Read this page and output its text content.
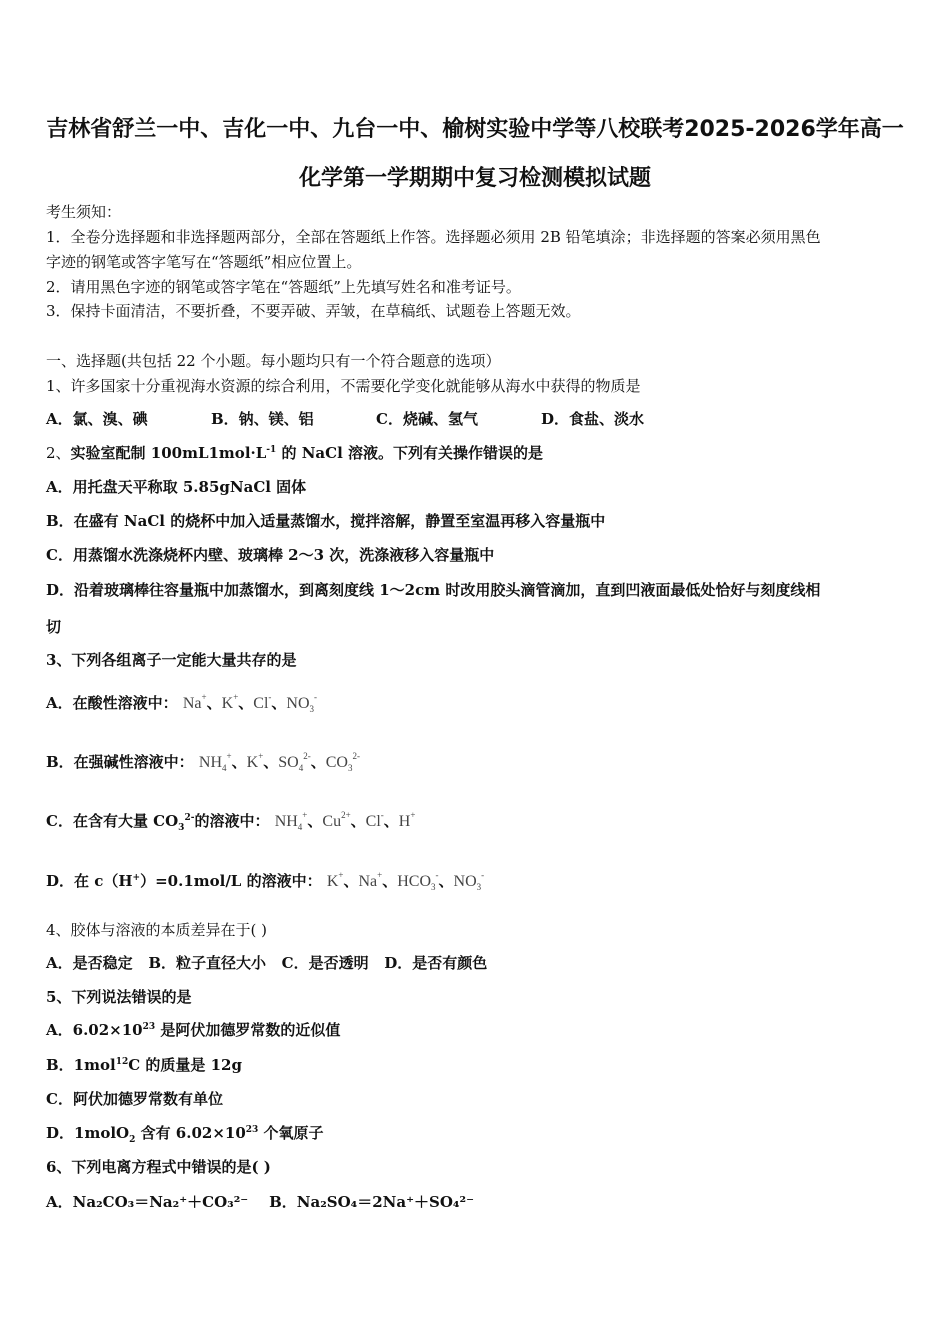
吉林省舒兰一中、吉化一中、九台一中、榆树实验中学等八校联考2025-2026学年高一
化学第一学期期中复习检测模拟试题
考生须知：
1．全卷分选择题和非选择题两部分，全部在答题纸上作答。选择题必须用 2B 铅笔填涂；非选择题的答案必须用黑色
字迹的钢笔或答字笔写在“答题纸”相应位置上。
2．请用黑色字迹的钢笔或答字笔在“答题纸”上先填写姓名和准考证号。
3．保持卡面清洁，不要折叠，不要弄破、弄皱，在草稿纸、试题卷上答题无效。
一、选择题(共包括 22 个小题。每小题均只有一个符合题意的选项）
1、许多国家十分重视海水资源的综合利用，不需要化学变化就能够从海水中获得的物质是
A．氯、溴、碘	B．钠、镁、铝	C．烧碱、氢气	D．食盐、淡水
2、实验室配制 $100mL1mol\cdot L^{-1}$ 的 NaCl 溶液。下列有关操作错误的是
A．用托盘天平称取 5.85gNaCl 固体
B．在盛有 NaCl 的烧杯中加入适量蒸馏水，搅拌溶解，静置至室温再移入容量瓶中
C．用蒸馏水洗涤烧杯内壁、玻璃棒 2～3 次，洗涤液移入容量瓶中
D．沿着玻璃棒往容量瓶中加蒸馏水，到离刻度线 1～2cm 时改用胶头滴管滴加，直到凹液面最低处恰好与刻度线相
切
3、下列各组离子一定能大量共存的是
A．在酸性溶液中： Na+、K+、Cl-、$NO_3^-$
B．在强碱性溶液中： $NH_4^+$、K+、$SO_4^{2-}$、$CO_3^{2-}$
C．在含有大量 $CO_3^{2-}$的溶液中： $NH_4^+$、$Cu^{2+}$、Cl-、H+
D．在 c（H+）=0.1mol/L 的溶液中： K+、Na+、$HCO_3^-$、$NO_3^-$
4、胶体与溶液的本质差异在于( )
A．是否稳定 B．粒子直径大小 C．是否透明 D．是否有颜色
5、下列说法错误的是
A．$6.02\times 10^{23}$ 是阿伏加德罗常数的近似值
B．1mol$^{12}$C 的质量是 12g
C．阿伏加德罗常数有单位
D．1molO$_2$ 含有 $6.02\times 10^{23}$ 个氧原子
6、下列电离方程式中错误的是( )
A．Na₂CO₃＝Na₂⁺＋CO₃²⁻ B．Na₂SO₄＝2Na⁺＋SO₄²⁻
